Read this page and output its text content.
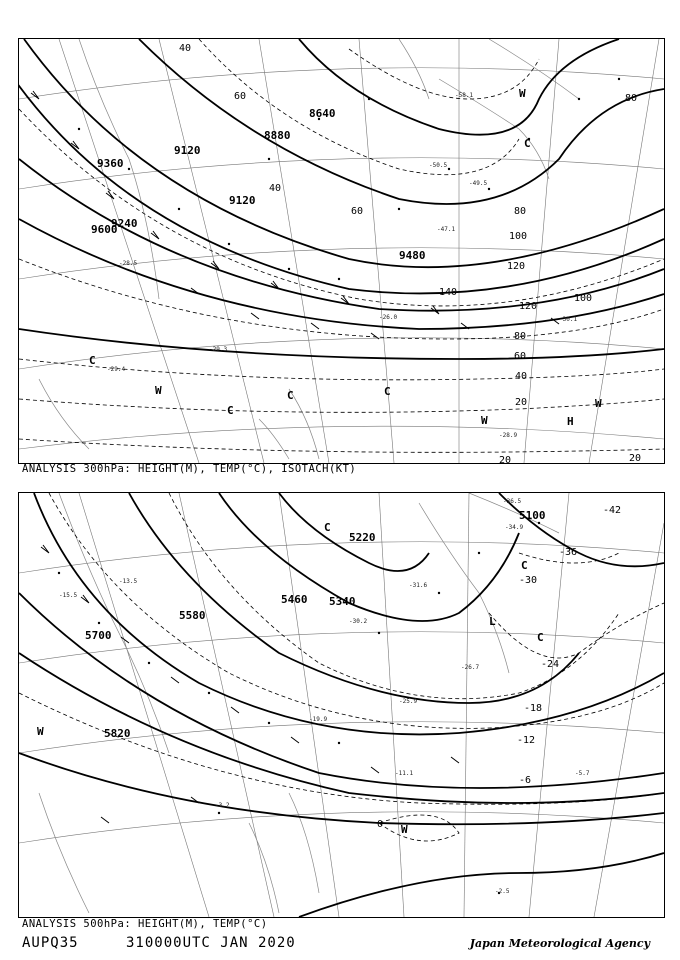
9120
9360
9240
9600
8880
8640
9120
9480
40
40
60
60
80
80
100
120
140
120
100
80
60
40
20
20	20
C
C
C
W
W
W
H
C
W
C
-50.5
-49.5
-58.1
-47.1
-29.3
-28.5
-29.4
-28.9
-30.1
-26.0
ANALYSIS 300hPa: HEIGHT(M), TEMP(°C), ISOTACH(KT)
5100
5220
5340
5460
5580
5700
5820
-42
-36
-30
-24
-18
-12
-6
0
C
C
L
C
W
W
-36.5
-34.9
-31.6
-30.2
-26.7
-25.9
-19.9
-11.1	-5.7
-3.2
-2.5
-13.5
-15.5
ANALYSIS 500hPa: HEIGHT(M), TEMP(°C)
AUPQ35	310000UTC JAN 2020	Japan Meteorological Agency
